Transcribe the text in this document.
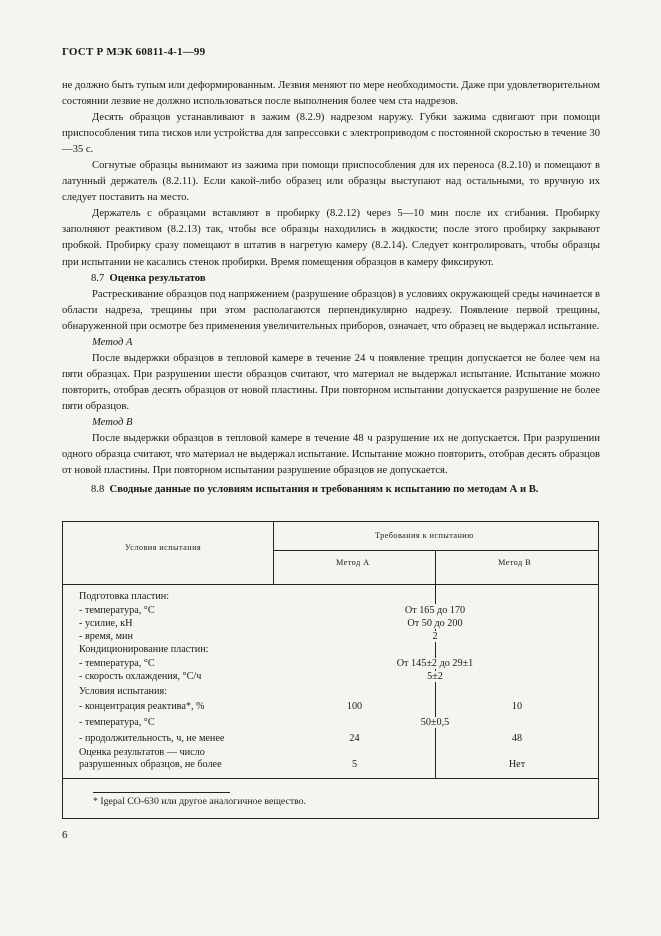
ГОСТ Р МЭК 60811-4-1—99

не должно быть тупым или деформированным. Лезвия меняют по мере необходимости. Даже при удовлетворительном состоянии лезвие не должно использоваться после выполнения более чем ста надрезов.

Десять образцов устанавливают в зажим (8.2.9) надрезом наружу. Губки зажима сдвигают при помощи приспособления типа тисков или устройства для запрессовки с электроприводом с постоянной скоростью в течение 30—35 с.

Согнутые образцы вынимают из зажима при помощи приспособления для их переноса (8.2.10) и помещают в латунный держатель (8.2.11). Если какой-либо образец или образцы выступают над остальными, то вручную их следует поставить на место.

Держатель с образцами вставляют в пробирку (8.2.12) через 5—10 мин после их сгибания. Пробирку заполняют реактивом (8.2.13) так, чтобы все образцы находились в жидкости; после этого пробирку закрывают пробкой. Пробирку сразу помещают в штатив в нагретую камеру (8.2.14). Следует контролировать, чтобы образцы при испытании не касались стенок пробирки. Время помещения образцов в камеру фиксируют.

8.7 Оценка результатов

Растрескивание образцов под напряжением (разрушение образцов) в условиях окружающей среды начинается в области надреза, трещины при этом располагаются перпендикулярно надрезу. Появление первой трещины, обнаруженной при осмотре без применения увеличительных приборов, означает, что образец не выдержал испытание.

Метод А

После выдержки образцов в тепловой камере в течение 24 ч появление трещин допускается не более чем на пяти образцах. При разрушении шести образцов считают, что материал не выдержал испытание. Испытание можно повторить, отобрав десять образцов от новой пластины. При повторном испытании допускается разрушение не более пяти образцов.

Метод В

После выдержки образцов в тепловой камере в течение 48 ч разрушение их не допускается. При разрушении одного образца считают, что материал не выдержал испытание. Испытание можно повторить, отобрав десять образцов от новой пластины. При повторном испытании разрушение образцов не допускается.

8.8 Сводные данные по условиям испытания и требованиям к испытанию по методам А и В.

Условия испытания
Требования к испытанию
Метод А	Метод В
Подготовка пластин:
- температура, °С
- усилие, кН
- время, мин
Кондиционирование пластин:
- температура, °С
- скорость охлаждения, °С/ч
Условия испытания:
- концентрация реактива*, %
- температура, °С
- продолжительность, ч, не менее
Оценка результатов — число
разрушенных образцов, не более
От 165 до 170
От 50 до 200
2
От 145±2 до 29±1
5±2
50±0,5
100
24
5
10
48
Нет
* Igepal CO-630 или другое аналогичное вещество.
6
